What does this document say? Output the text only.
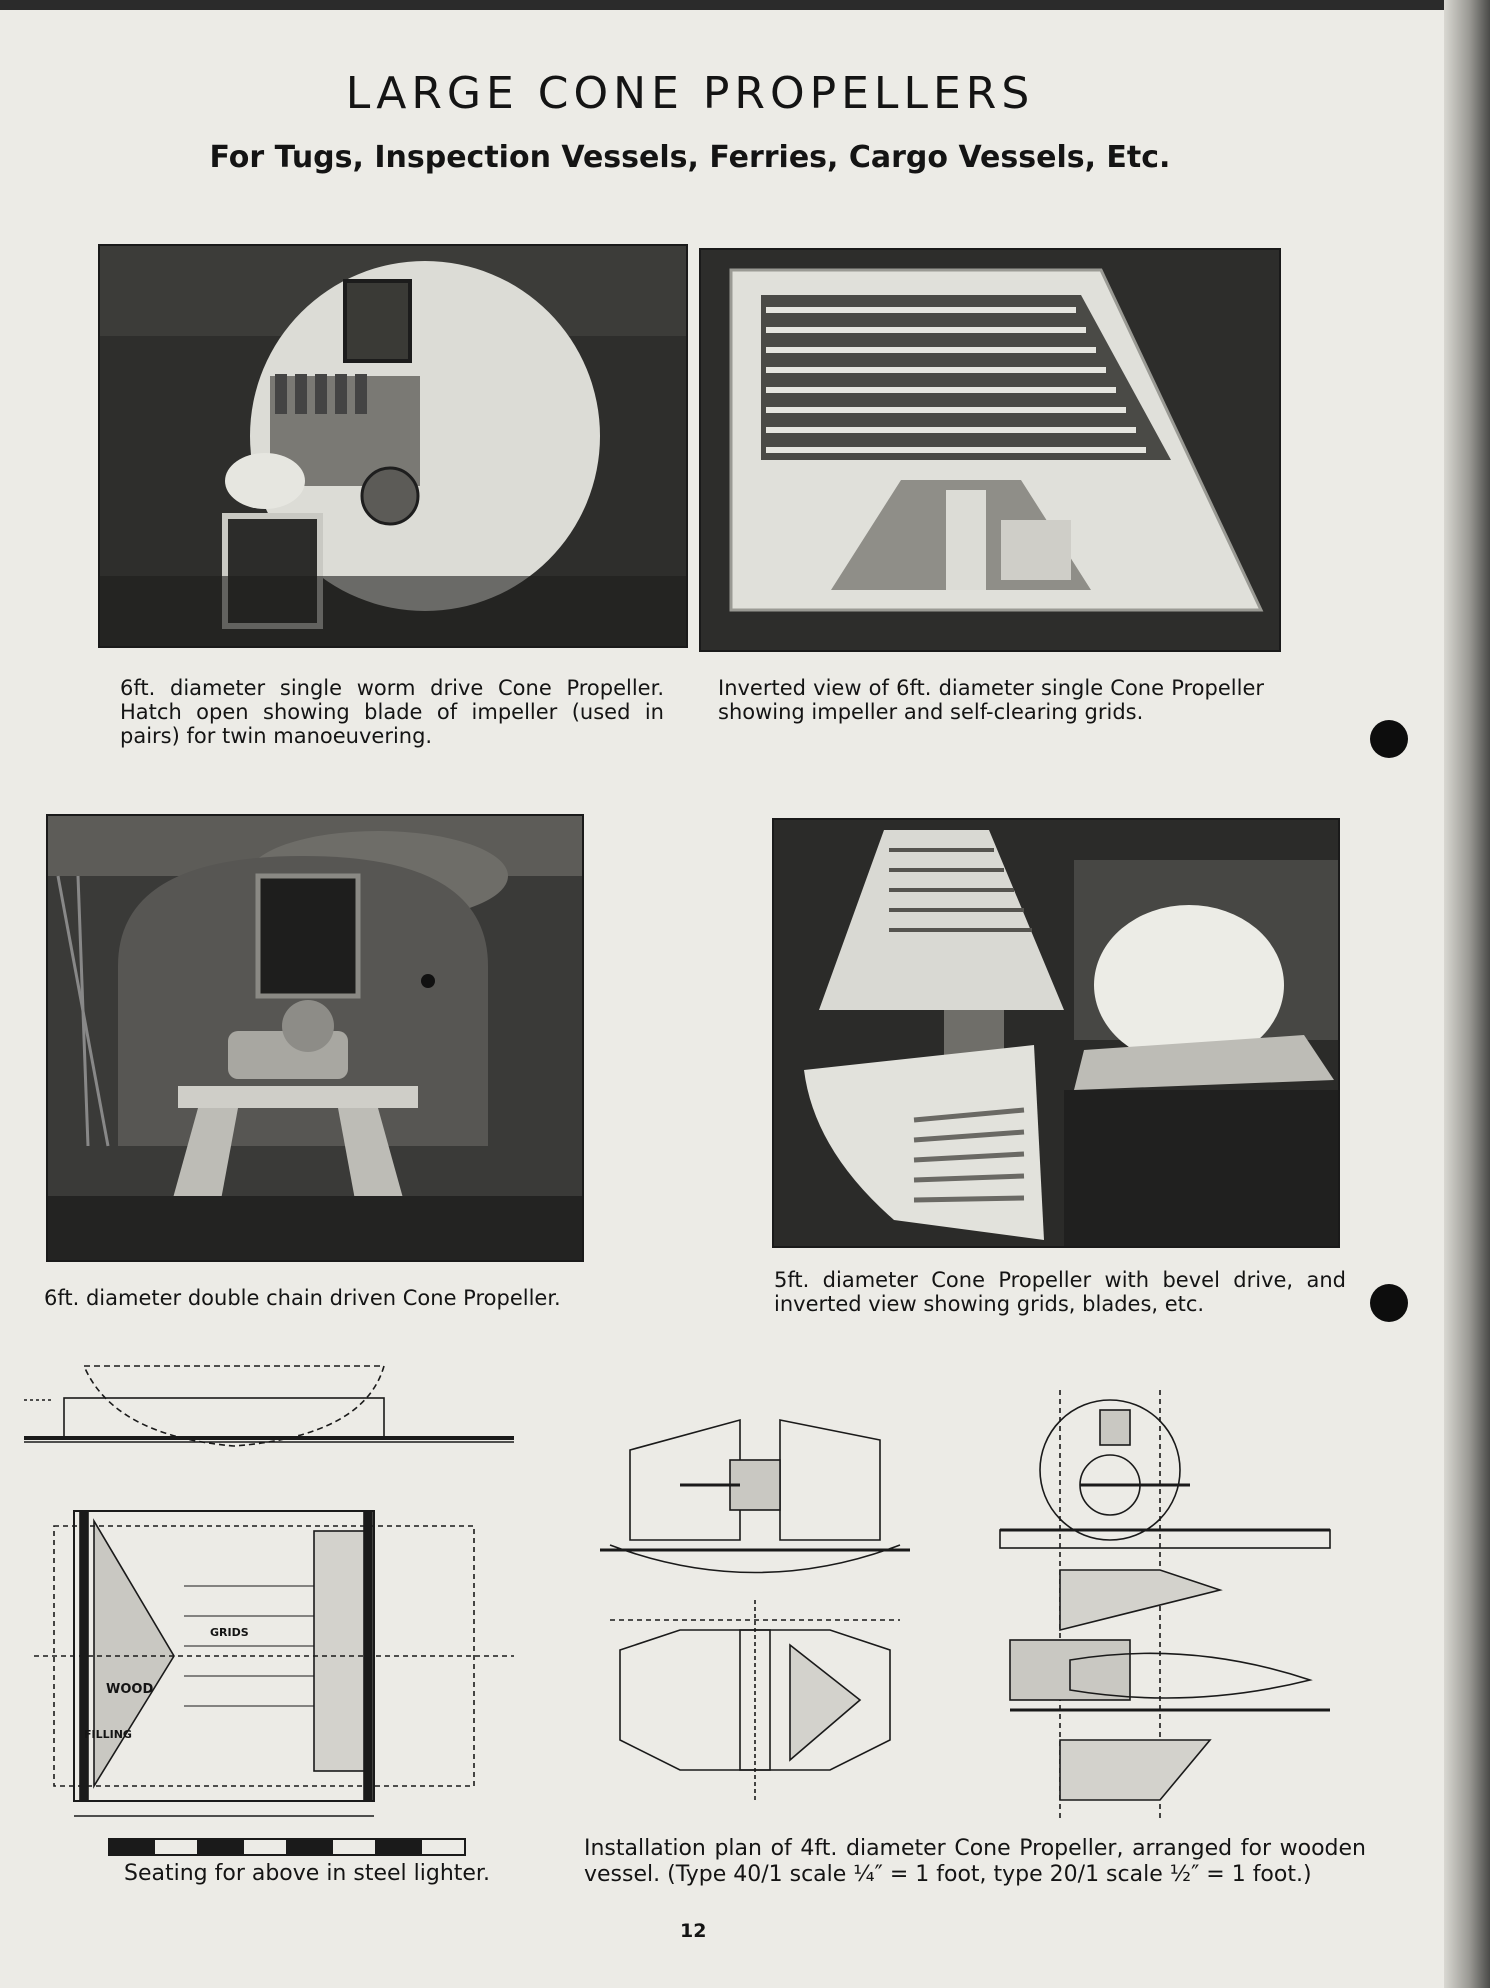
LARGE CONE PROPELLERS
For Tugs, Inspection Vessels, Ferries, Cargo Vessels, Etc.

6ft. diameter single worm drive Cone Propeller. Hatch open showing blade of impeller (used in pairs) for twin manoeuvering.

Inverted view of 6ft. diameter single Cone Propeller showing impeller and self-clearing grids.

6ft. diameter double chain driven Cone Propeller.

5ft. diameter Cone Propeller with bevel drive, and inverted view showing grids, blades, etc.

WOOD
FILLING
GRIDS

Seating for above in steel lighter.

Installation plan of 4ft. diameter Cone Propeller, arranged for wooden vessel. (Type 40/1 scale ¼″ = 1 foot, type 20/1 scale ½″ = 1 foot.)

12
